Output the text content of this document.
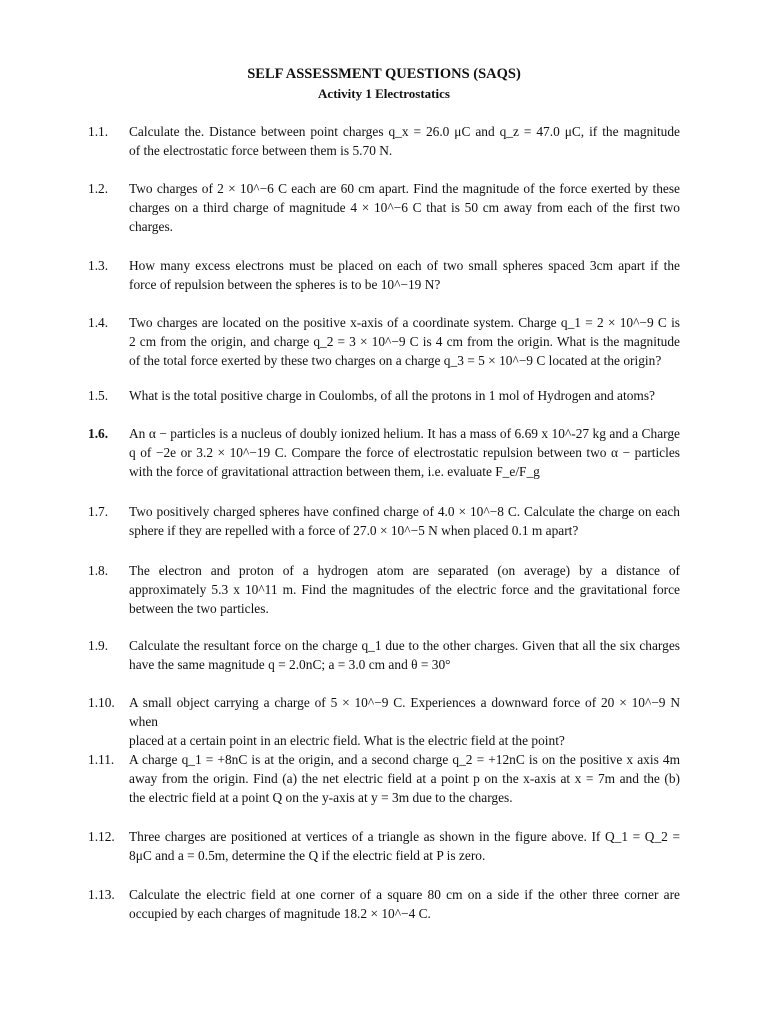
SELF ASSESSMENT QUESTIONS (SAQS)
Activity 1 Electrostatics
1.1. Calculate the. Distance between point charges q_x = 26.0 μC and q_z = 47.0 μC, if the magnitude
of the electrostatic force between them is 5.70 N.
1.2. Two charges of 2 × 10^−6 C each are 60 cm apart. Find the magnitude of the force exerted by these
charges on a third charge of magnitude 4 × 10^−6 C that is 50 cm away from each of the first two
charges.
1.3. How many excess electrons must be placed on each of two small spheres spaced 3cm apart if the
force of repulsion between the spheres is to be 10^−19 N?
1.4. Two charges are located on the positive x-axis of a coordinate system. Charge q_1 = 2 × 10^−9 C is
2 cm from the origin, and charge q_2 = 3 × 10^−9 C is 4 cm from the origin. What is the magnitude
of the total force exerted by these two charges on a charge q_3 = 5 × 10^−9 C located at the origin?
1.5. What is the total positive charge in Coulombs, of all the protons in 1 mol of Hydrogen and atoms?
1.6. An α − particles is a nucleus of doubly ionized helium. It has a mass of 6.69 x 10^-27 kg and a Charge
q of −2e or 3.2 × 10^−19 C. Compare the force of electrostatic repulsion between two α − particles
with the force of gravitational attraction between them, i.e. evaluate F_e/F_g
1.7. Two positively charged spheres have confined charge of 4.0 × 10^−8 C. Calculate the charge on each
sphere if they are repelled with a force of 27.0 × 10^−5 N when placed 0.1 m apart?
1.8. The electron and proton of a hydrogen atom are separated (on average) by a distance of
approximately 5.3 x 10^11 m. Find the magnitudes of the electric force and the gravitational force
between the two particles.
1.9. Calculate the resultant force on the charge q_1 due to the other charges. Given that all the six charges
have the same magnitude q = 2.0nC; a = 3.0 cm and θ = 30°
1.10. A small object carrying a charge of 5 × 10^−9 C. Experiences a downward force of 20 × 10^−9 N when
placed at a certain point in an electric field. What is the electric field at the point?
1.11. A charge q_1 = +8nC is at the origin, and a second charge q_2 = +12nC is on the positive x axis 4m
away from the origin. Find (a) the net electric field at a point p on the x-axis at x = 7m and the (b)
the electric field at a point Q on the y-axis at y = 3m due to the charges.
1.12. Three charges are positioned at vertices of a triangle as shown in the figure above. If Q_1 = Q_2 =
8μC and a = 0.5m, determine the Q if the electric field at P is zero.
1.13. Calculate the electric field at one corner of a square 80 cm on a side if the other three corner are
occupied by each charges of magnitude 18.2 × 10^−4 C.
